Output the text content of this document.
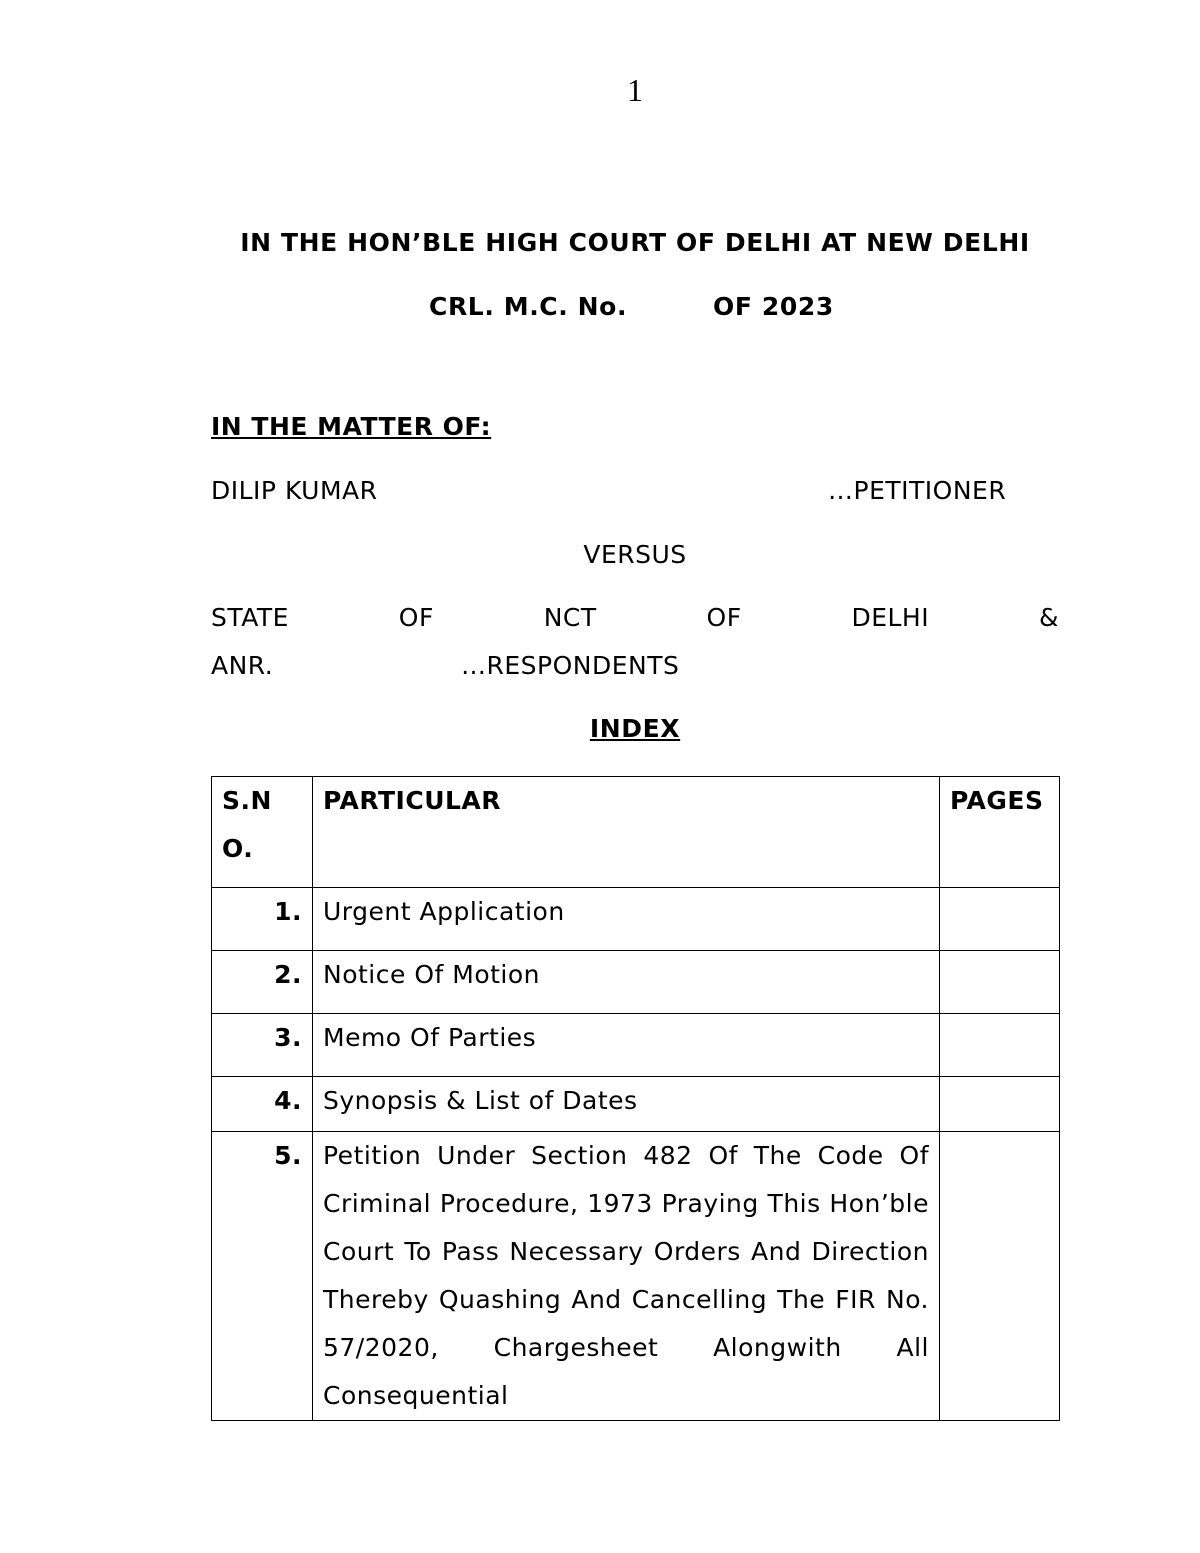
1
IN THE HON’BLE HIGH COURT OF DELHI AT NEW DELHI
CRL. M.C. No.	OF 2023
IN THE MATTER OF:
DILIP KUMAR	…PETITIONER
VERSUS
STATE	OF	NCT	OF	DELHI	&
ANR.	…RESPONDENTS
INDEX
S.NO.	PARTICULAR	PAGES
1.	Urgent Application	
2.	Notice Of Motion	
3.	Memo Of Parties	
4.	Synopsis & List of Dates	
5.	Petition Under Section 482 Of The Code Of Criminal Procedure, 1973 Praying This Hon’ble Court To Pass Necessary Orders And Direction Thereby Quashing And Cancelling The FIR No. 57/2020, Chargesheet Alongwith All Consequential	
